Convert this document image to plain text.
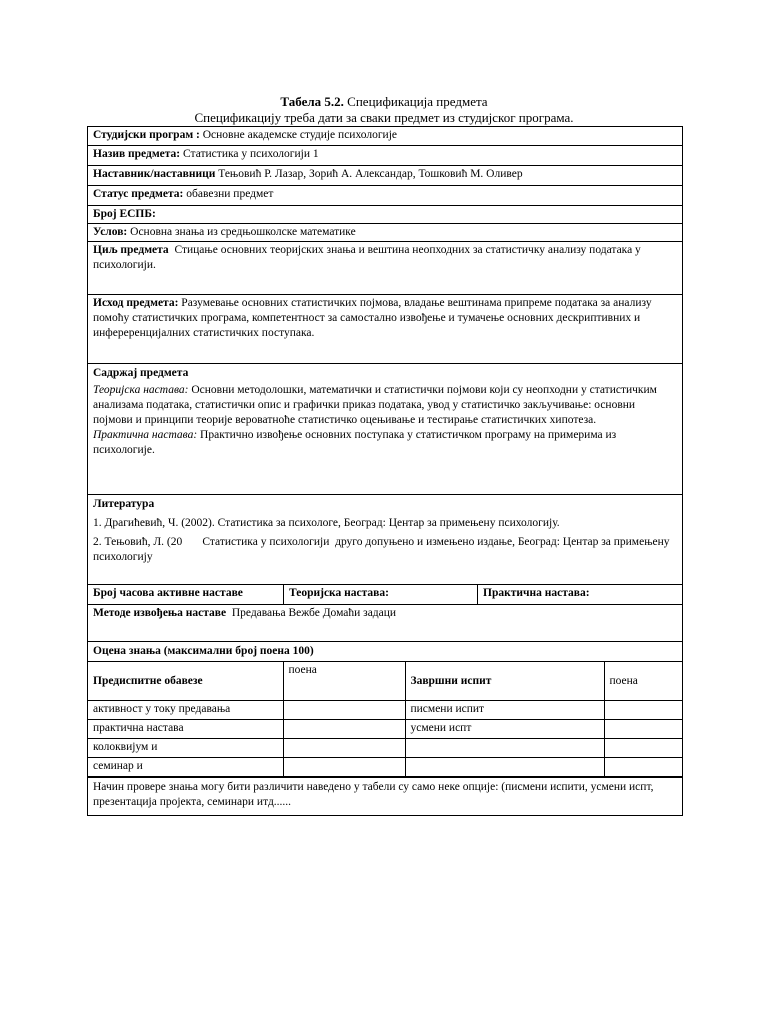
Табела 5.2. Спецификација предмета
Спецификацију треба дати за сваки предмет из студијског програма.
Студијски програм : Основне академске студије психологије
Назив предмета: Статистика у психологији 1
Наставник/наставници Тењовић Р. Лазар, Зорић А. Александар, Тошковић М. Оливер
Статус предмета: обавезни предмет
Број ЕСПБ:
Услов: Основна знања из средњошколске математике
Циљ предмета Стицање основних теоријских знања и вештина неопходних за статистичку анализу података у психологији.
Исход предмета: Разумевање основних статистичких појмова, владање вештинама припреме података за анализу помоћу статистичких програма, компетентност за самостално извођење и тумачење основних дескриптивних и инферeренцијалних статистичких поступака.

Садржај предмета

Теоријска настава: Основни методолошки, математички и статистички појмови који су неопходни у статистичким анализама података, статистички опис и графички приказ података, увод у статистичко закључивање: основни појмови и принципи теорије вероватноће статистичко оцењивање и тестирање статистичких хипотеза.

Практична настава: Практично извођење основних поступака у статистичком програму на примерима из психологије.

Литература

1. Драгићевић, Ч. (2002). Статистика за психологе, Београд: Центар за примењену психологију.

2. Тењовић, Л. (20       Статистика у психологији  друго допуњено и измењено издање, Београд: Центар за примењену психологију

Број часова активне наставе	Теоријска настава:	Практична настава:
Методе извођења наставе Предавања Вежбе Домаћи задаци
Оцена знања (максимални број поена 100)
Предиспитне обавезе	поена	Завршни испит	поена
активност у току предавања		писмени испит	
практична настава		усмени испт	
колоквијум и			
семинар и			
Начин провере знања могу бити различити наведено у табели су само неке опције: (писмени испити, усмени испт, презентација пројекта, семинари итд......
